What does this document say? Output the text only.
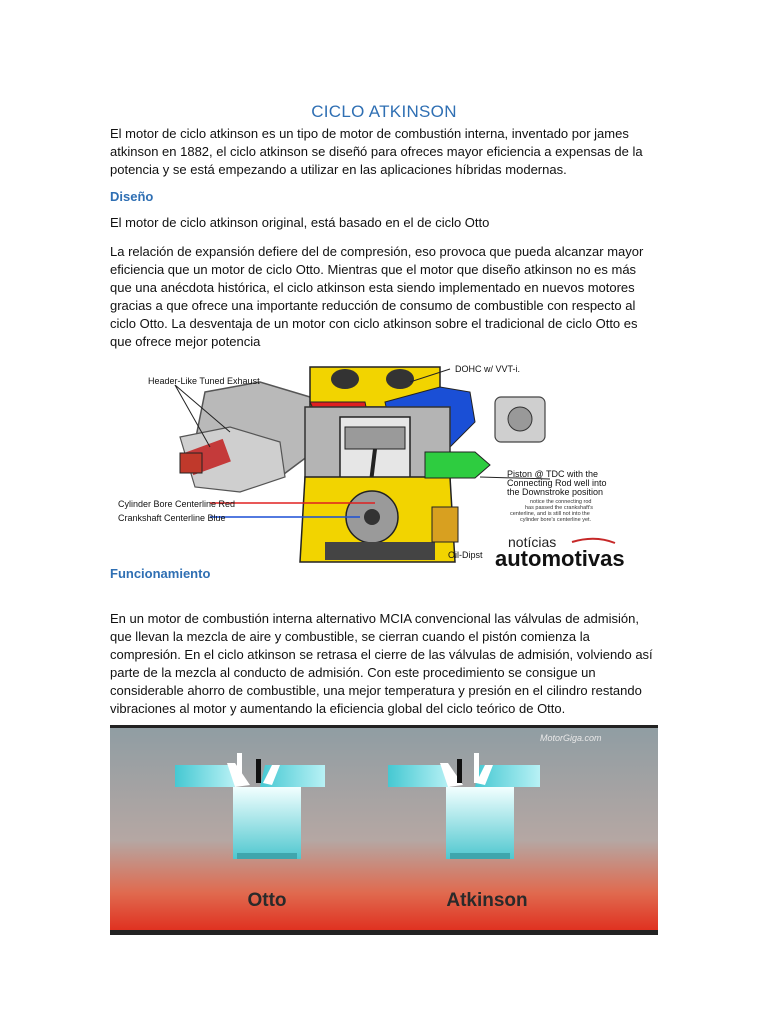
CICLO ATKINSON
El motor de ciclo atkinson es un tipo de motor de combustión interna, inventado por james atkinson en 1882, el ciclo atkinson se diseñó para ofreces mayor eficiencia a expensas de la potencia y se está empezando a utilizar en las aplicaciones híbridas modernas.
Diseño
El motor de ciclo atkinson original, está basado en el de ciclo Otto
La relación de expansión defiere del de compresión, eso provoca que pueda alcanzar mayor eficiencia que un motor de ciclo Otto. Mientras que el motor que diseño atkinson no es más que una anécdota histórica, el ciclo atkinson esta siendo implementado en nuevos motores gracias a que ofrece una importante reducción de consumo de combustible con respecto al ciclo Otto. La desventaja de un motor con ciclo atkinson sobre el tradicional de ciclo Otto es que ofrece mejor potencia
Header-Like Tuned Exhaust
DOHC w/ VVT-i.
Piston @ TDC with the
Connecting Rod well into
the Downstroke position
notice the connecting rod
has passed the crankshaft's
centerline, and is still not into the
cylinder bore's centerline yet.
Cylinder Bore Centerline Red
Crankshaft Centerline Blue
Oil-Dipst
notícias
automotivas
Funcionamiento
En un motor de combustión interna alternativo MCIA convencional las válvulas de admisión, que llevan la mezcla de aire y combustible, se cierran cuando el pistón comienza la compresión. En el ciclo atkinson se retrasa el cierre de las válvulas de admisión, volviendo así parte de la mezcla al conducto de admisión. Con este procedimiento se consigue un considerable ahorro de combustible, una mejor temperatura y presión en el cilindro restando vibraciones al motor y aumentando la eficiencia global del ciclo teórico de Otto.
MotorGiga.com
Otto	Atkinson
